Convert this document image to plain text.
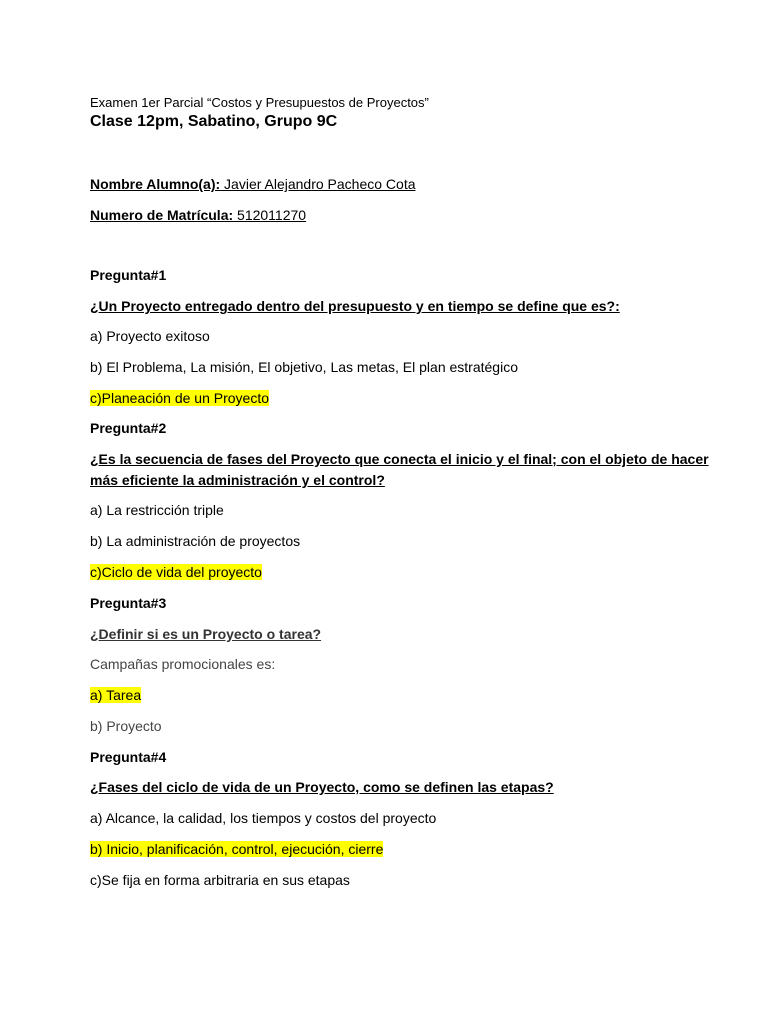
Examen 1er Parcial “Costos y Presupuestos de Proyectos”
Clase 12pm, Sabatino, Grupo 9C
Nombre Alumno(a): Javier Alejandro Pacheco Cota
Numero de Matrícula: 512011270
Pregunta#1
¿Un Proyecto entregado dentro del presupuesto y en tiempo se define que es?:
a) Proyecto exitoso
b) El Problema, La misión, El objetivo, Las metas, El plan estratégico
c)Planeación de un Proyecto
Pregunta#2
¿Es la secuencia de fases del Proyecto que conecta el inicio y el final; con el objeto de hacer
más eficiente la administración y el control?
a) La restricción triple
b) La administración de proyectos
c)Ciclo de vida del proyecto
Pregunta#3
¿Definir si es un Proyecto o tarea?
Campañas promocionales es:
a) Tarea
b) Proyecto
Pregunta#4
¿Fases del ciclo de vida de un Proyecto, como se definen las etapas?
a) Alcance, la calidad, los tiempos y costos del proyecto
b) Inicio, planificación, control, ejecución, cierre
c)Se fija en forma arbitraria en sus etapas
